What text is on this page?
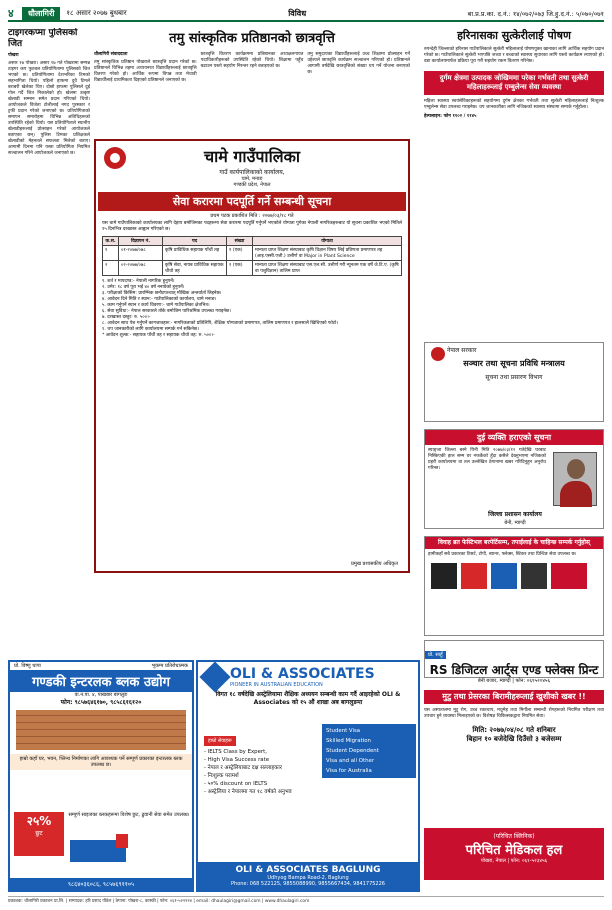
४	धौलागिरी	१८ असार २०७७ बुधबार	विविध	बा.प्र.प्र.का. द.नं.: १४/०७२/०७३ जि.हु.द.नं.: ५/०७०/०७१
टाइगरकप्मा पुलिसको जित

पोखरा

असार १७ पोखरा। असार १७ गते पोखरामा सम्पन्न टाइगर कप फुटबल प्रतियोगितामा पुलिसको जित भएको छ। प्रतियोगितामा देशभरिका टिमको सहभागिता थियो। पहिलो हाफमा दुवै टिमले बराबरी खेलेका थिए। दोस्रो हाफमा पुलिसले दुई गोल गर्दै जित निकालेको हो। खेलमा उत्कृष्ट खेलाडी सम्मान समेत प्रदान गरिएको थियो। आयोजकले विजेता टोलीलाई नगद पुरस्कार र ट्रफी प्रदान गरेको जनाएको छ। प्रतियोगिताको समापन समारोहमा विभिन्न अतिथिहरूको उपस्थिति रहेको थियो। यस प्रतियोगिताले स्थानीय खेलाडीहरूलाई प्रोत्साहन गरेको आयोजकले बताएका छन्। पुलिस टिमका प्रशिक्षकले खेलाडीको मेहनतले सफलता मिलेको बताए। आगामी दिनमा पनि यस्ता प्रतियोगिता नियमित सञ्चालन गरिने आयोजकले जनाएको छ।

तमु सांस्कृतिक प्रतिष्ठानको छात्रवृत्ति

धौलागिरी संवाददाता

तमु सांस्कृतिक प्रतिष्ठान पोखराले छात्रवृत्ति प्रदान गरेको छ। प्रतिष्ठानले विभिन्न तहमा अध्ययनरत विद्यार्थीहरूलाई छात्रवृत्ति वितरण गरेको हो। आर्थिक रूपमा विपन्न तथा मेधावी विद्यार्थीलाई प्राथमिकता दिइएको प्रतिष्ठानले जनाएको छ।

छात्रवृत्ति वितरण कार्यक्रममा प्रतिष्ठानका अध्यक्षलगायत पदाधिकारीहरूको उपस्थिति रहेको थियो। शिक्षामा पहुँच बढाउन यस्तो सहयोग निरन्तर रहने बताइएको छ।

तमु समुदायका विद्यार्थीहरूलाई उच्च शिक्षामा प्रोत्साहन गर्ने उद्देश्यले छात्रवृत्ति कार्यक्रम सञ्चालन गरिएको हो। प्रतिष्ठानले आगामी वर्षदेखि छात्रवृत्तिको संख्या थप गर्ने योजना बनाएको छ।

चामे गाउँपालिका
गाउँ कार्यपालिकाको कार्यालय,
चामे, मनाङ
गण्डकी प्रदेश, नेपाल
सेवा करारमा पदपूर्ति गर्ने सम्बन्धी सूचना
प्रथम पटक प्रकाशित मिति : २०७७/०३/१८ गते
यस चामे गाउँपालिकाको कार्यालयका लागि देहाय बमोजिमका पदहरूमा सेवा करारमा पदपूर्ति गर्नुपर्ने भएकोले योग्यता पुगेका नेपाली नागरिकहरूबाट यो सूचना प्रकाशित भएको मितिले १५ दिनभित्र दरखास्त आह्वान गरिएको छ।
क.स.	विज्ञापन नं.	पद	संख्या	योग्यता
१	०१-२०७७/०७८	कृषि प्राविधिक सहायक पाँचौं तह	१ (एक)	मान्यता प्राप्त शिक्षण संस्थाबाट कृषि विज्ञान विषय लिई प्रविणता प्रमाणपत्र तह (आइ.एस्सी.एजी.) उत्तीर्ण वा Major in Plant Science
२	०२-२०७७/०७८	कृषि सेवा, नायब प्राविधिक सहायक चौथो तह	१ (एक)	मान्यता प्राप्त शिक्षण संस्थाबाट एस.एल.सी. उत्तीर्ण गरी न्यूनतम एक वर्षे जे.टि.ए. (कृषि वा पशुविज्ञान) तालिम प्राप्त

१. शर्त र मापदण्ड:- नेपाली नागरिक हुनुपर्ने।

२. उमेर: १८ वर्ष पूरा भई ४० वर्ष ननाघेको हुनुपर्ने।

३. परीक्षाको किसिम: प्रारम्भिक छनौटपश्चात् मौखिक अन्तर्वार्ता लिइनेछ।

४. आवेदन दिने मिति र स्थान:- गाउँपालिकाको कार्यालय, चामे मनाङ।

५. काम गर्नुपर्ने स्थान र कार्य विवरण:- चामे गाउँपालिका क्षेत्रभित्र।

६. सेवा सुविधा:- नेपाल सरकारले तोके बमोजिम पारिश्रमिक उपलब्ध गराइनेछ।

७. दरखास्त दस्तुर: रु. ५००।-

८. आवेदन साथ पेश गर्नुपर्ने कागजातहरू:- नागरिकताको प्रतिलिपि, शैक्षिक योग्यताको प्रमाणपत्र, तालिम प्रमाणपत्र र हालसालै खिचिएको फोटो।

९. थप जानकारीको लागि कार्यालयमा सम्पर्क गर्न सकिनेछ।

* आवेदन शुल्क:- सहायक पाँचौं तह र सहायक चौथो तह: रु. ५००।-

प्रमुख प्रशासकीय अधिकृत
हरिनासका सुत्केरीलाई पोषण
रुपन्देही जिल्लाको हरिनास गाउँपालिकाले सुत्केरी महिलालाई पोषणयुक्त खानाका लागि आर्थिक सहयोग प्रदान गरेको छ। गाउँपालिकाले सुत्केरी भएपछि जच्चा र बच्चाको स्वास्थ्य सुधारका लागि यस्तो कार्यक्रम ल्याएको हो। वडा कार्यालयमार्फत प्रक्रिया पूरा गरी सहयोग रकम वितरण गरिनेछ।
दुर्गम क्षेत्रमा उत्पादक जोखिममा परेका गर्भवती तथा सुत्केरी महिलाहरूलाई एम्बुलेन्स सेवा व्यवस्था
महिला स्वास्थ्य स्वयंसेविकाहरूको सहयोगमा दुर्गम क्षेत्रका गर्भवती तथा सुत्केरी महिलाहरूलाई निःशुल्क एम्बुलेन्स सेवा उपलब्ध गराइनेछ। थप जानकारीका लागि नजिकको स्वास्थ्य संस्थामा सम्पर्क गर्नुहोला।
हेल्पलाइन: फोन ११०२ / ११४५
नेपाल सरकार
सञ्चार तथा सूचना प्रविधि मन्त्रालय
सूचना तथा प्रसारण विभाग
दुई व्यक्ति हराएको सूचना
स्याङ्जा जिल्ला बस्ने यिनी मिति २०७७/०३/१२ गतेदेखि घरबाट निस्किएकी हाल सम्म घर नफर्केको हुँदा कसैले देख्नुभएमा नजिकको प्रहरी कार्यालयमा वा तल उल्लेखित ठेगानामा खबर गरिदिनुहुन अनुरोध गरिन्छ।
जिल्ला प्रशासन कार्यालय
बेनी, म्याग्दी
विवाह ब्रत फेस्टिभल बरपेर्टिसम्म, तपाईंलाई के चाहिन्छ सम्पर्क गर्नुहोस्
हामीकहाँ सबै प्रकारका टिसर्ट, टोपी, ब्यानर, फ्लेक्स, स्टिकर तथा प्रिन्टिङ सेवा उपलब्ध छ।
प्रो. साहुँ
RS डिजिटल आर्ट्स एण्ड फ्लेक्स प्रिन्ट
बेनी बजार, म्याग्दी | फोन: ०६९५२०४५६
मुटु तथा प्रेसरका बिरामीहरूलाई खुशीको खबर !!
यस अस्पतालमा मुटु रोग, उच्च रक्तचाप, मधुमेह तथा मिर्गौला सम्बन्धी रोगहरूको नियमित परीक्षण तथा उपचार हुने व्यवस्था मिलाइएको छ। विशेषज्ञ चिकित्सकद्वारा नियमित सेवा।
मिति: २०७७/०४/०८ गते शनिबार
बिहान १० बजेदेखि दिउँसो ३ बजेसम्म
(परिचित क्लिनिक)
परिचित मेडिकल हल
पोखरा, नेपाल | फोन: ०६१-५२३४५६
प्रो. विष्णु थापा	भूकम्प प्रतिरोधात्मक
गण्डकी इन्टरलक ब्लक उद्योग
वा.न.पा. ४, पाखबार बागलुङ
फोन: ९८५७६४६१७०, ९८५८६१६१२०
हाम्रो कहाँ घर, भवन, प्लिन्थ निर्माणका लागि आवश्यक पर्ने सम्पूर्ण प्रकारका इन्टरलक ब्लक उपलब्ध छ।
२५%
छुट
सम्पूर्ण साइजका ब्लकहरूमा विशेष छुट, ढुवानी सेवा समेत उपलब्ध।
९८६४०३६०८६, ९८५७६९११०५
OLI & ASSOCIATES
PIONEER IN AUSTRALIAN EDUCATION
विगत १८ वर्षदेखि अस्ट्रेलियामा शैक्षिक अध्ययन सम्बन्धी काम गर्दै आइरहेको OLI & Associates को १५ औं शाखा अब बागलुङमा
हाम्रो सेवाहरू
- IELTS Class by Expert,
- High Visa Success rate
- नेपाल र अस्ट्रेलियाबाट दक्ष सल्लाहकार
- निःशुल्क परामर्श
- ५०% discount on IELTS
- अस्ट्रेलिया र नेपालमा गत १८ वर्षको अनुभव
Student Visa
Skilled Migration
Student Dependent
Visa and all Other
Visa for Australia
OLI & ASSOCIATES BAGLUNG
Udhyog Bampa Road-2, Baglung
Phone: 068 522125, 9855088990, 9855667434, 9841775226
प्रकाशक: धौलागिरी प्रकाशन प्रा.लि. | सम्पादक: हरि प्रसाद पौडेल | ठेगाना: पोखरा-८, कास्की | फोन: ०६१-५२२१२४ | email: dhaulagiri@gmail.com | www.dhaulagiri.com
